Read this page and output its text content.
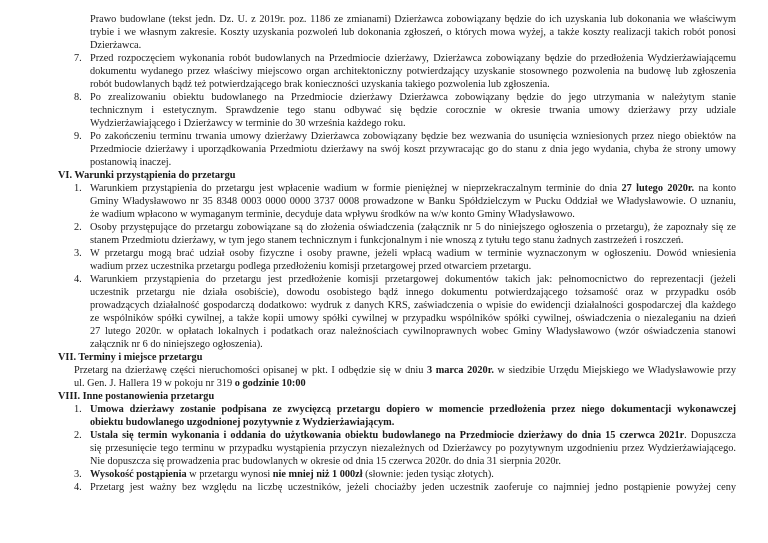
Prawo budowlane (tekst jedn. Dz. U. z 2019r. poz. 1186 ze zmianami) Dzierżawca zobowiązany będzie do ich uzyskania lub dokonania we właściwym

trybie i we własnym zakresie. Koszty uzyskania pozwoleń lub dokonania zgłoszeń, o których mowa wyżej, a także koszty realizacji takich robót ponosi

Dzierżawca.

7. Przed rozpoczęciem wykonania robót budowlanych na Przedmiocie dzierżawy, Dzierżawca zobowiązany będzie do przedłożenia Wydzierżawiającemu

dokumentu wydanego przez właściwy miejscowo organ architektoniczny potwierdzający uzyskanie stosownego pozwolenia na budowę lub zgłoszenia

robót budowlanych bądź też potwierdzającego brak konieczności uzyskania takiego pozwolenia lub zgłoszenia.

8. Po zrealizowaniu obiektu budowlanego na Przedmiocie dzierżawy Dzierżawca zobowiązany będzie do jego utrzymania w należytym stanie

technicznym i estetycznym. Sprawdzenie tego stanu odbywać się będzie corocznie w okresie trwania umowy dzierżawy przy udziale

Wydzierżawiającego i Dzierżawcy w terminie do 30 września każdego roku.

9. Po zakończeniu terminu trwania umowy dzierżawy Dzierżawca zobowiązany będzie bez wezwania do usunięcia wzniesionych przez niego obiektów na

Przedmiocie dzierżawy i uporządkowania Przedmiotu dzierżawy na swój koszt przywracając go do stanu z dnia jego wydania, chyba że strony umowy

postanowią inaczej.

VI. Warunki przystąpienia do przetargu

1. Warunkiem przystąpienia do przetargu jest wpłacenie wadium w formie pieniężnej w nieprzekraczalnym terminie do dnia 27 lutego 2020r. na konto

Gminy Władysławowo nr 35 8348 0003 0000 0000 3737 0008 prowadzone w Banku Spółdzielczym w Pucku Oddział we Władysławowie. O uznaniu,

że wadium wpłacono w wymaganym terminie, decyduje data wpływu środków na w/w konto Gminy Władysławowo.

2. Osoby przystępujące do przetargu zobowiązane są do złożenia oświadczenia (załącznik nr 5 do niniejszego ogłoszenia o przetargu), że zapoznały się ze

stanem Przedmiotu dzierżawy, w tym jego stanem technicznym i funkcjonalnym i nie wnoszą z tytułu tego stanu żadnych zastrzeżeń i roszczeń.

3. W przetargu mogą brać udział osoby fizyczne i osoby prawne, jeżeli wpłacą wadium w terminie wyznaczonym w ogłoszeniu. Dowód wniesienia

wadium przez uczestnika przetargu podlega przedłożeniu komisji przetargowej przed otwarciem przetargu.

4. Warunkiem przystąpienia do przetargu jest przedłożenie komisji przetargowej dokumentów takich jak: pełnomocnictwo do reprezentacji (jeżeli

uczestnik przetargu nie działa osobiście), dowodu osobistego bądź innego dokumentu potwierdzającego tożsamość oraz w przypadku osób

prowadzących działalność gospodarczą dodatkowo: wydruk z danych KRS, zaświadczenia o wpisie do ewidencji działalności gospodarczej dla każdego

ze wspólników spółki cywilnej, a także kopii umowy spółki cywilnej w przypadku wspólników spółki cywilnej, oświadczenia o niezaleganiu na dzień

27 lutego 2020r. w opłatach lokalnych i podatkach oraz należnościach cywilnoprawnych wobec Gminy Władysławowo (wzór oświadczenia stanowi

załącznik nr 6 do niniejszego ogłoszenia).

VII. Terminy i miejsce przetargu

Przetarg na dzierżawę części nieruchomości opisanej w pkt. I odbędzie się w dniu 3 marca 2020r. w siedzibie Urzędu Miejskiego we Władysławowie przy

ul. Gen. J. Hallera 19 w pokoju nr 319 o godzinie 10:00

VIII. Inne postanowienia przetargu

1. Umowa dzierżawy zostanie podpisana ze zwycięzcą przetargu dopiero w momencie przedłożenia przez niego dokumentacji wykonawczej

obiektu budowlanego uzgodnionej pozytywnie z Wydzierżawiającym.

2. Ustala się termin wykonania i oddania do użytkowania obiektu budowlanego na Przedmiocie dzierżawy do dnia 15 czerwca 2021r. Dopuszcza

się przesunięcie tego terminu w przypadku wystąpienia przyczyn niezależnych od Dzierżawcy po pozytywnym uzgodnieniu przez Wydzierżawiającego.

Nie dopuszcza się prowadzenia prac budowlanych w okresie od dnia 15 czerwca 2020r. do dnia 31 sierpnia 2020r.

3. Wysokość postąpienia w przetargu wynosi nie mniej niż 1 000zł (słownie: jeden tysiąc złotych).

4. Przetarg jest ważny bez względu na liczbę uczestników, jeżeli chociażby jeden uczestnik zaoferuje co najmniej jedno postąpienie powyżej ceny
